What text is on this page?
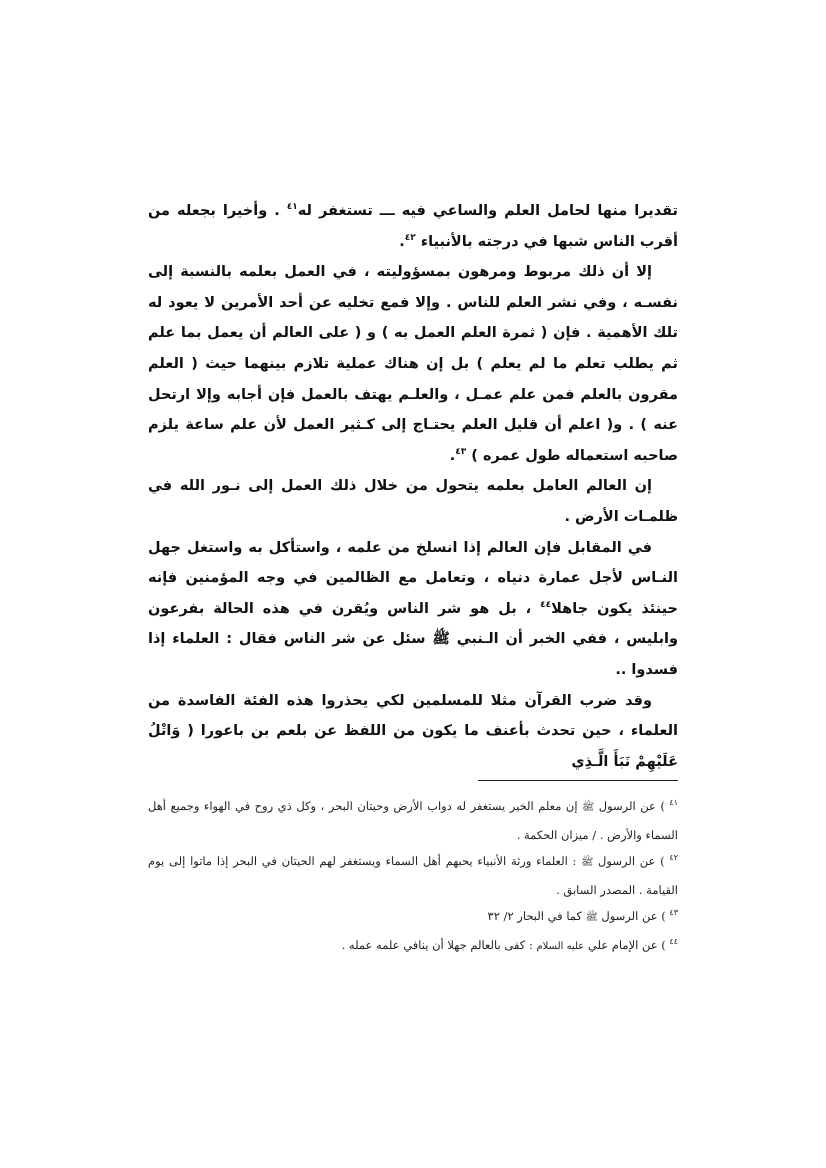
تقديرا منها لحامل العلم والساعي فيه ـــ تستغفر له$^{٤١}$ . وأخيرا بجعله من أقرب الناس شبها في درجته بالأنبياء $^{٤٢}$.

إلا أن ذلك مربوط ومرهون بمسؤوليته ، في العمل بعلمه بالنسبة إلى نفسـه ، وفي نشر العلم للناس . وإلا فمع تخليه عن أحد الأمرين لا يعود له تلك الأهمية . فإن ( ثمرة العلم العمل به ) و ( على العالم أن يعمل بما علم ثم يطلب تعلم ما لم يعلم ) بل إن هناك عملية تلازم بينهما حيث ( العلم مقرون بالعلم فمن علم عمـل ، والعلـم يهتف بالعمل فإن أجابه وإلا ارتحل عنه ) . و( اعلم أن قليل العلم يحتـاج إلى كـثير العمل لأن علم ساعة يلزم صاحبه استعماله طول عمره ) $^{٤٣}$.

إن العالم العامل بعلمه يتحول من خلال ذلك العمل إلى نـور الله في ظلمـات الأرض .

في المقابل فإن العالم إذا انسلخ من علمه ، واستأكل به واستغل جهل النـاس لأجل عمارة دنياه ، وتعامل مع الظالمين في وجه المؤمنين فإنه حينئذ يكون جاهلا$^{٤٤}$ ، بل هو شر الناس ويُقرن في هذه الحالة بفرعون وابليس ، ففي الخبر أن الـنبي ﷺ سئل عن شر الناس فقال : العلماء إذا فسدوا ..

وقد ضرب القرآن مثلا للمسلمين لكي يحذروا هذه الفئة الفاسدة من العلماء ، حين تحدث بأعنف ما يكون من اللفظ عن بلعم بن باعورا ( وَاتْلُ عَلَيْهِمْ نَبَأَ الَّـذِي

$^{٤١}$ ) عن الرسول ﷺ إن معلم الخير يستغفر له دواب الأرض وحيتان البحر ، وكل ذي روح في الهواء وجميع أهل السماء والأرض . / ميزان الحكمة .

$^{٤٢}$ ) عن الرسول ﷺ : العلماء ورثة الأنبياء يحبهم أهل السماء ويستغفر لهم الحيتان في البحر إذا ماتوا إلى يوم القيامة . المصدر السابق .

$^{٤٣}$ ) عن الرسول ﷺ كما في البحار ٢/ ٣٢

$^{٤٤}$ ) عن الإمام علي عليه السلام : كفى بالعالم جهلا أن ينافي علمه عمله .
